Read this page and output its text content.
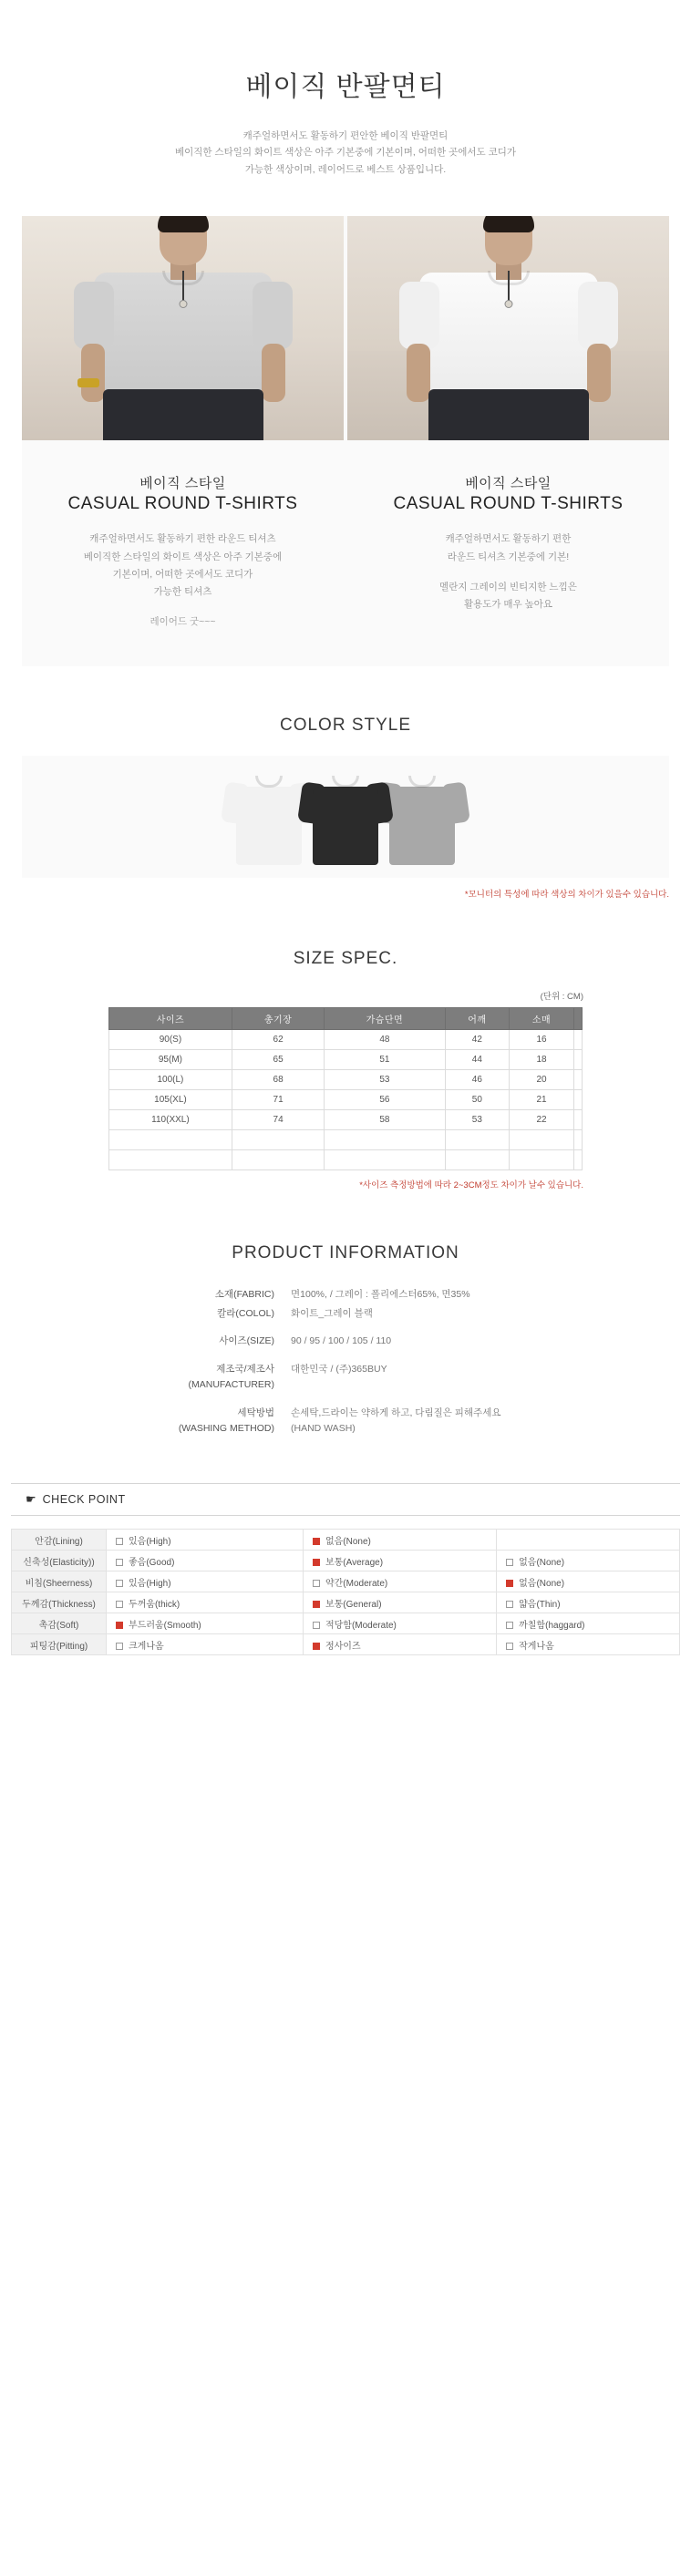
베이직 반팔면티
캐주얼하면서도 활동하기 편안한 베이직 반팔면티
베이직한 스타일의 화이트 색상은 아주 기본중에 기본이며, 어떠한 곳에서도 코디가
가능한 색상이며, 레이어드로 베스트 상품입니다.
베이직 스타일
CASUAL ROUND T-SHIRTS
캐주얼하면서도 활동하기 편한 라운드 티셔츠
베이직한 스타일의 화이트 색상은 아주 기본중에
기본이며, 어떠한 곳에서도 코디가
가능한 티셔츠
레이어드 굿~~~
베이직 스타일
CASUAL ROUND T-SHIRTS
캐주얼하면서도 활동하기 편한
라운드 티셔츠 기본중에 기본!
멜란지 그레이의 빈티지한 느낌은
활용도가 매우 높아요
COLOR STYLE
*모니터의 특성에 따라 색상의 차이가 있을수 있습니다.
SIZE SPEC.
(단위 : CM)
사이즈	총기장	가슴단면	어깨	소매	
90(S)	62	48	42	16	
95(M)	65	51	44	18	
100(L)	68	53	46	20	
105(XL)	71	56	50	21	
110(XXL)	74	58	53	22	

*사이즈 측정방법에 따라 2~3CM정도 차이가 날수 있습니다.
PRODUCT INFORMATION
소재(FABRIC)	면100%, / 그레이 : 폴리에스터65%, 면35%
칼라(COLOL)	화이트_그레이 블랙
사이즈(SIZE)	90 / 95 / 100 / 105 / 110
제조국/제조사
(MANUFACTURER)
대한민국 / (주)365BUY
세탁방법
(WASHING METHOD)
손세탁,드라이는 약하게 하고, 다림질은 피해주세요
(HAND WASH)
☛ CHECK POINT
안감(Lining)	있음(High)	없음(None)	
신축성(Elasticity))	좋음(Good)	보통(Average)	없음(None)
비침(Sheerness)	있음(High)	약간(Moderate)	없음(None)
두께감(Thickness)	두꺼움(thick)	보통(General)	얇음(Thin)
촉감(Soft)	부드러움(Smooth)	적당함(Moderate)	까칠함(haggard)
피팅감(Pitting)	크게나옴	정사이즈	작게나옴
